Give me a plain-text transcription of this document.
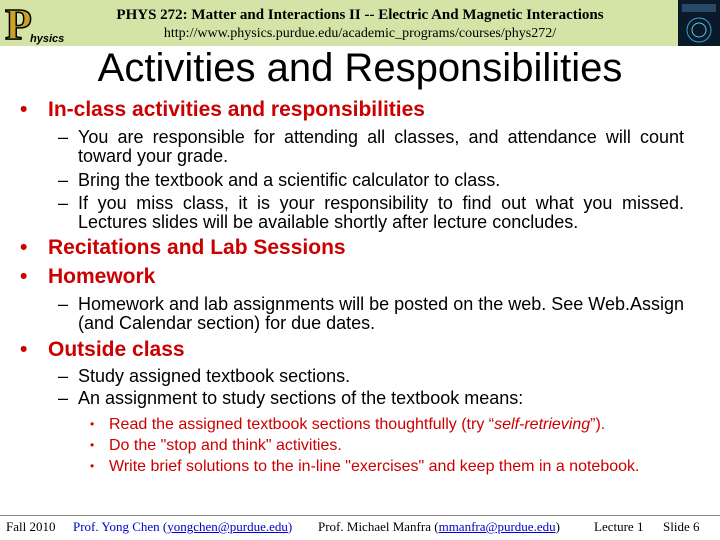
P
hysics
PHYS 272: Matter and Interactions II -- Electric And Magnetic Interactions
http://www.physics.purdue.edu/academic_programs/courses/phys272/
Activities and Responsibilities
• In-class activities and responsibilities
– You are responsible for attending all classes, and attendance will count toward your grade.
– Bring the textbook and a scientific calculator to class.
– If you miss class, it is your responsibility to find out what you missed. Lectures slides will be available shortly after lecture concludes.
• Recitations and Lab Sessions
• Homework
– Homework and lab assignments will be posted on the web. See Web.Assign (and Calendar section) for due dates.
• Outside class
– Study assigned textbook sections.
– An assignment to study sections of the textbook means:
• Read the assigned textbook sections thoughtfully (try “self-retrieving”).
• Do the "stop and think" activities.
• Write brief solutions to the in-line "exercises" and keep them in a notebook.
Fall 2010 Prof. Yong Chen (yongchen@purdue.edu) Prof. Michael Manfra (mmanfra@purdue.edu)	Lecture 1 Slide 6
